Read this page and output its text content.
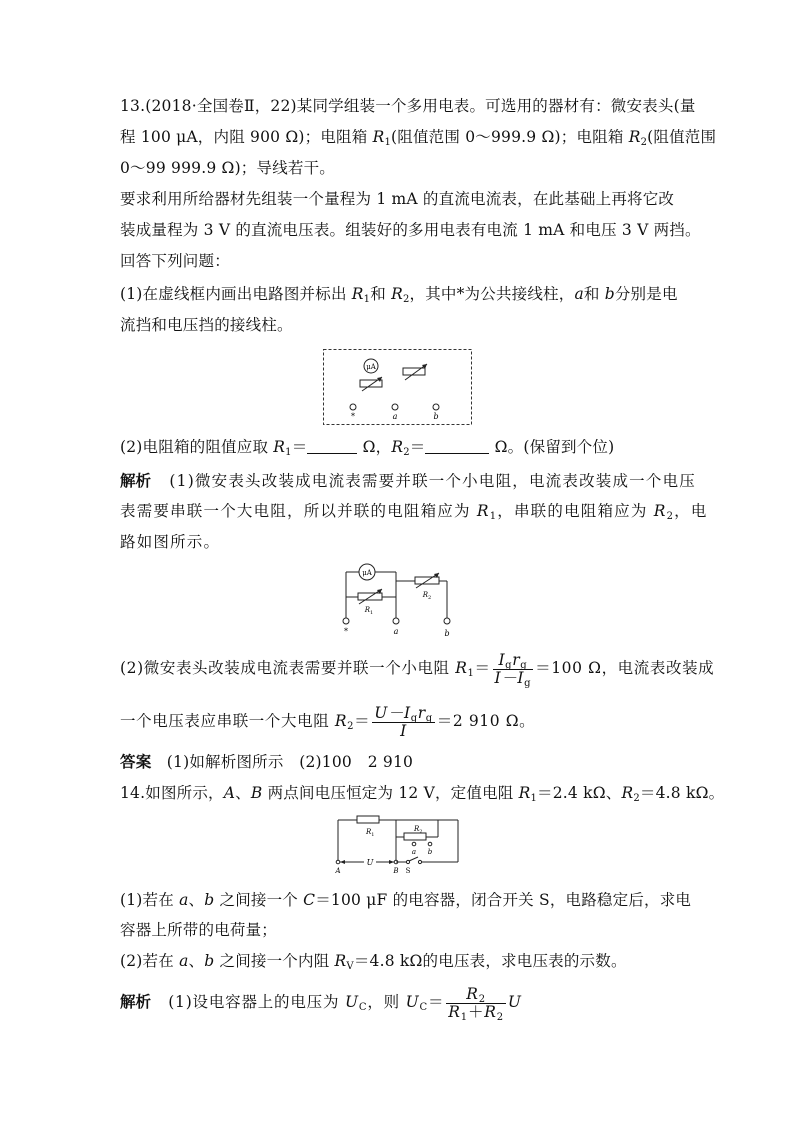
13.(2018·全国卷Ⅱ，22)某同学组装一个多用电表。可选用的器材有：微安表头(量
程 100 μA，内阻 900 Ω)；电阻箱 $R_1$(阻值范围 0～999.9 Ω)；电阻箱 $R_2$(阻值范围
0～99 999.9 Ω)；导线若干。
要求利用所给器材先组装一个量程为 1 mA 的直流电流表，在此基础上再将它改
装成量程为 3 V 的直流电压表。组装好的多用电表有电流 1 mA 和电压 3 V 两挡。
回答下列问题：
(1)在虚线框内画出电路图并标出 $R_1$和 $R_2$，其中*为公共接线柱，a和 b分别是电
流挡和电压挡的接线柱。
μA
*	a	b
(2)电阻箱的阻值应取 $R_1=$	Ω，$R_2=$	Ω。(保留到个位)
解析 (1)微安表头改装成电流表需要并联一个小电阻，电流表改装成一个电压
表需要串联一个大电阻，所以并联的电阻箱应为 $R_1$，串联的电阻箱应为 $R_2$，电
路如图所示。
μA
$R_1$
$R_2$
*	a	b
(2)微安表头改装成电流表需要并联一个小电阻 $R_1= \frac{I_gr_g}{I-I_g} =100$ Ω，电流表改装成
一个电压表应串联一个大电阻 $R_2= \frac{U-I_gr_g}{I} =2$ 910 Ω。
答案 (1)如解析图所示　(2)100　2 910
14.如图所示，A、B 两点间电压恒定为 12 V，定值电阻 $R_1=2.4$ kΩ、$R_2=4.8$ kΩ。
$R_1$
$R_2$
a b
U
A	B S
(1)若在 a、b 之间接一个 C＝100 μF 的电容器，闭合开关 S，电路稳定后，求电
容器上所带的电荷量；
(2)若在 a、b 之间接一个内阻 $R_V=4.8$ kΩ的电压表，求电压表的示数。
解析 (1)设电容器上的电压为 $U_C$，则 $U_C= \frac{R_2}{R_1+R_2}$ U
